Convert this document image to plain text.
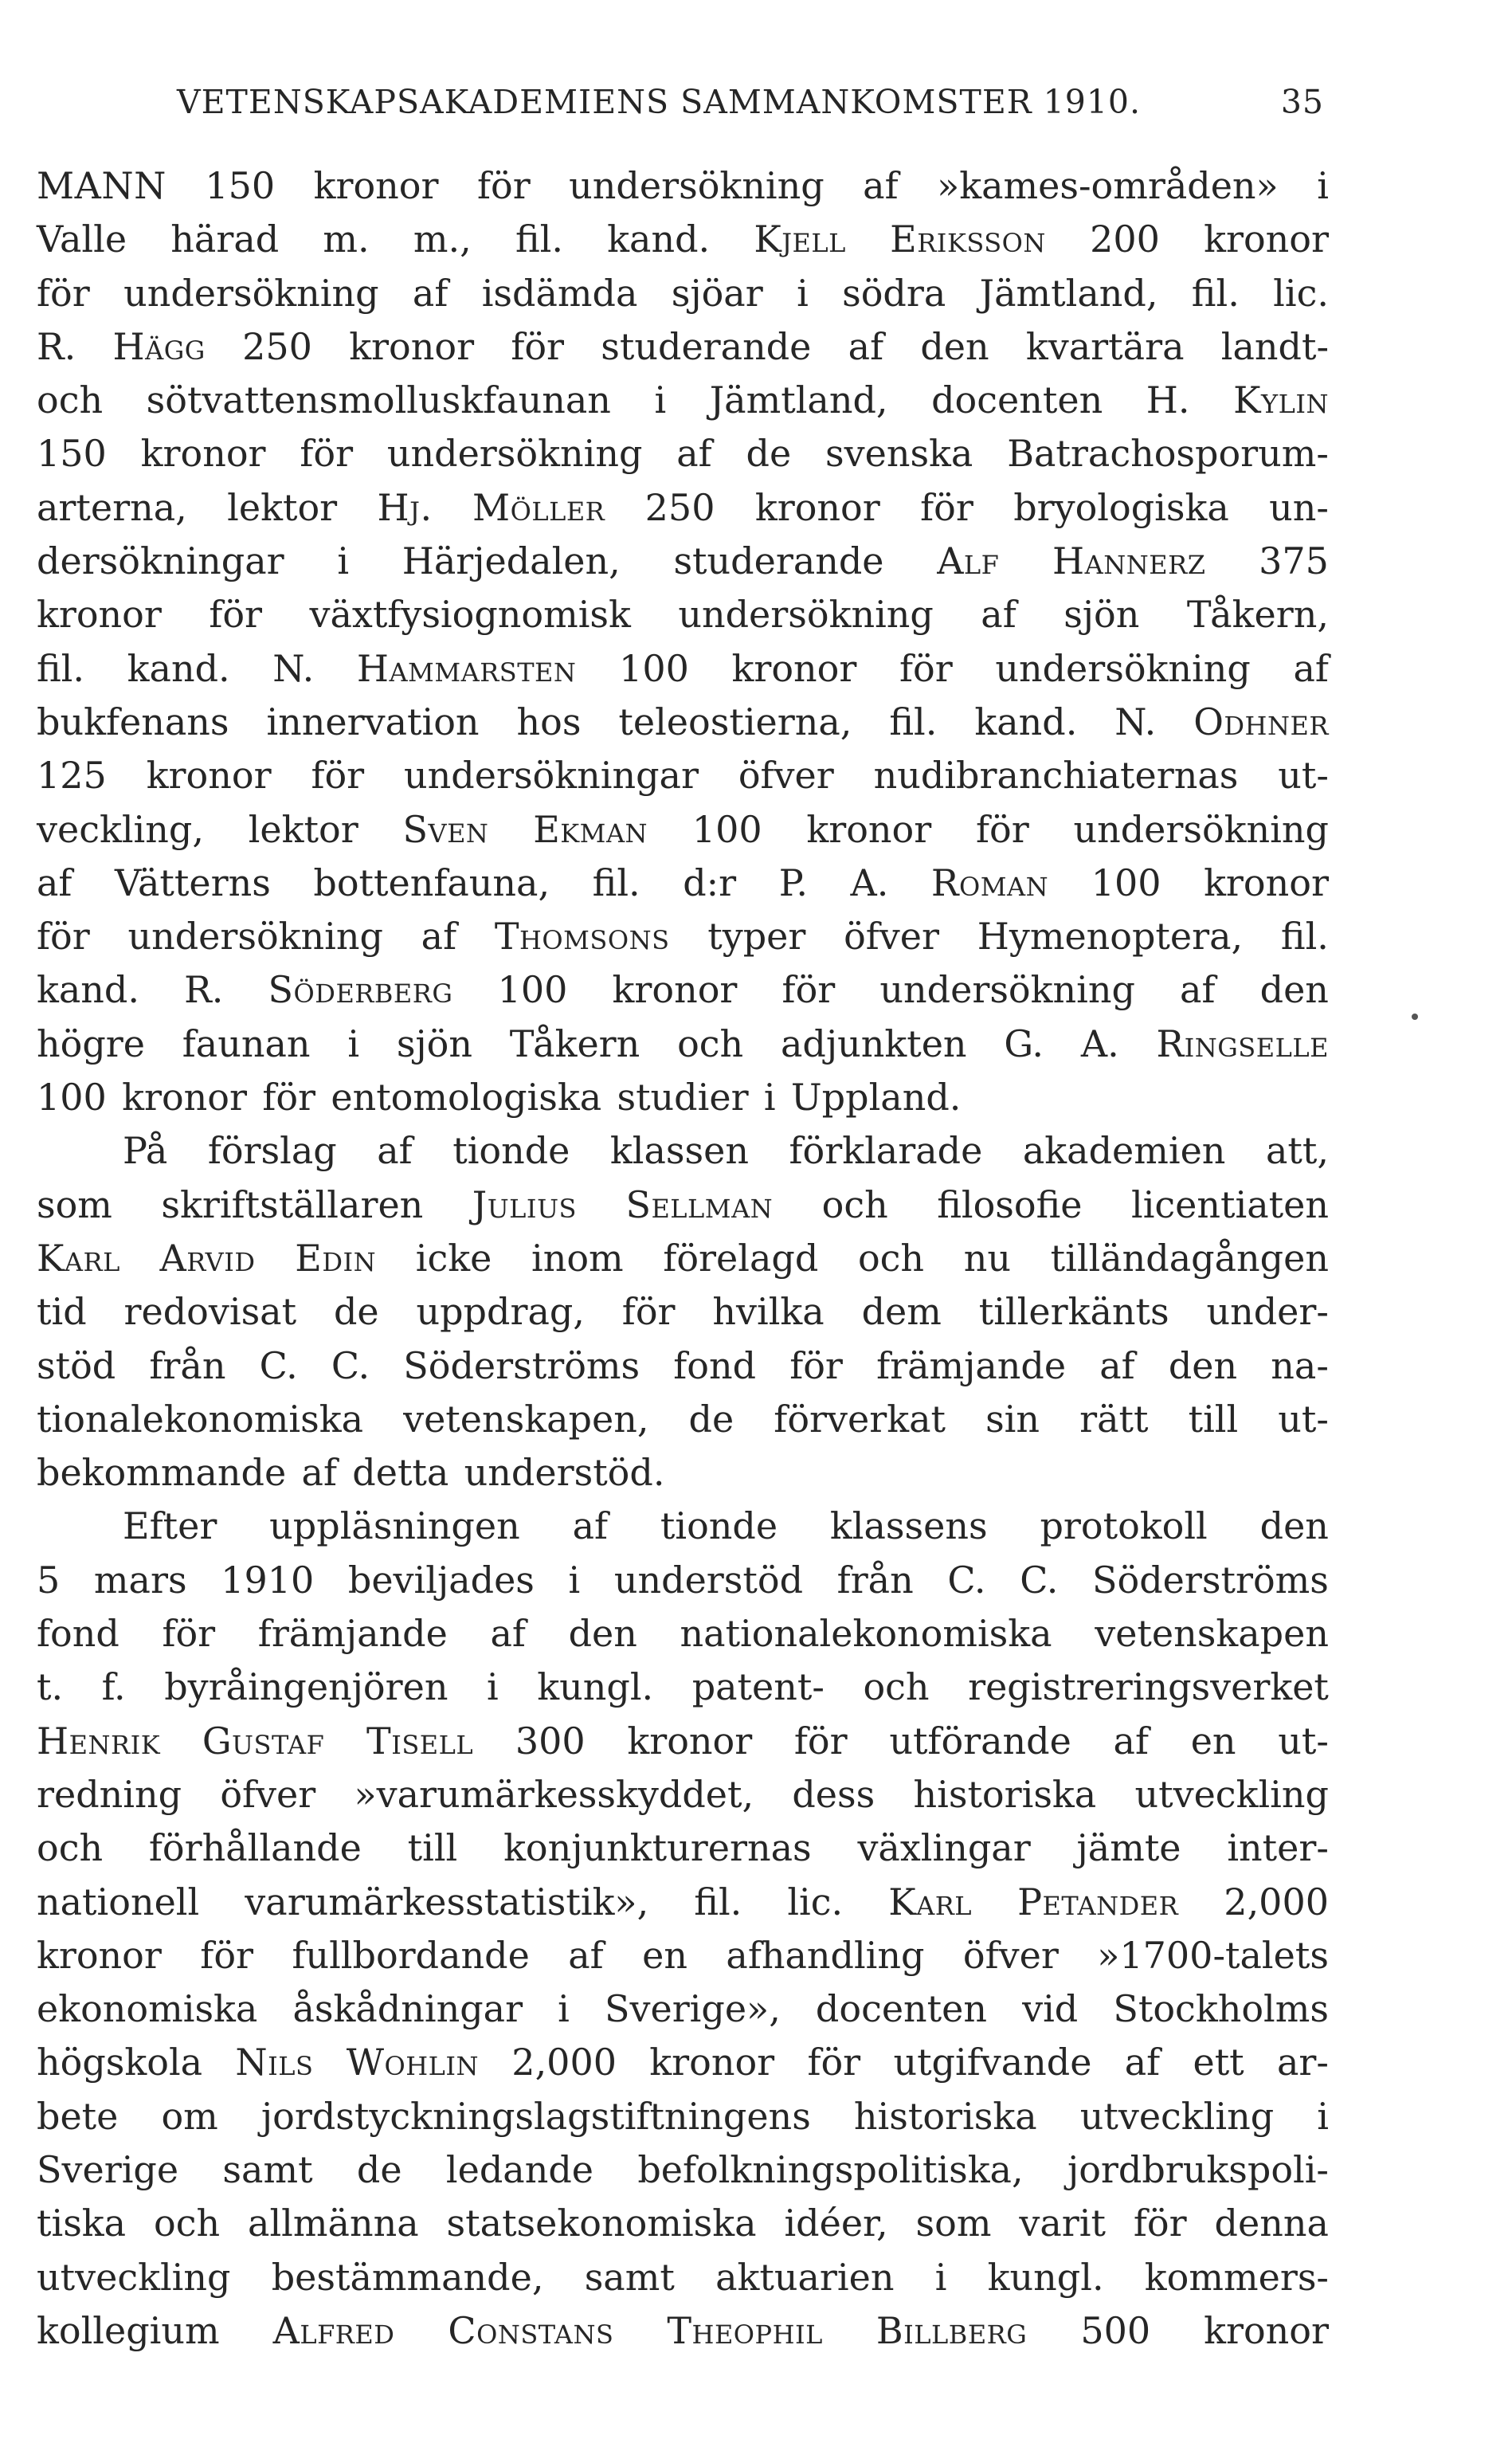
VETENSKAPSAKADEMIENS SAMMANKOMSTER 1910.	35
MANN 150 kronor för undersökning af »kames-områden» i
Valle härad m. m., fil. kand. Kjell Eriksson 200 kronor
för undersökning af isdämda sjöar i södra Jämtland, fil. lic.
R. Hägg 250 kronor för studerande af den kvartära landt-
och sötvattensmolluskfaunan i Jämtland, docenten H. Kylin
150 kronor för undersökning af de svenska Batrachosporum-
arterna, lektor Hj. Möller 250 kronor för bryologiska un-
dersökningar i Härjedalen, studerande Alf Hannerz 375
kronor för växtfysiognomisk undersökning af sjön Tåkern,
fil. kand. N. Hammarsten 100 kronor för undersökning af
bukfenans innervation hos teleostierna, fil. kand. N. Odhner
125 kronor för undersökningar öfver nudibranchiaternas ut-
veckling, lektor Sven Ekman 100 kronor för undersökning
af Vätterns bottenfauna, fil. d:r P. A. Roman 100 kronor
för undersökning af Thomsons typer öfver Hymenoptera, fil.
kand. R. Söderberg 100 kronor för undersökning af den
högre faunan i sjön Tåkern och adjunkten G. A. Ringselle
100 kronor för entomologiska studier i Uppland.
På förslag af tionde klassen förklarade akademien att,
som skriftställaren Julius Sellman och filosofie licentiaten
Karl Arvid Edin icke inom förelagd och nu tilländagången
tid redovisat de uppdrag, för hvilka dem tillerkänts under-
stöd från C. C. Söderströms fond för främjande af den na-
tionalekonomiska vetenskapen, de förverkat sin rätt till ut-
bekommande af detta understöd.
Efter uppläsningen af tionde klassens protokoll den
5 mars 1910 beviljades i understöd från C. C. Söderströms
fond för främjande af den nationalekonomiska vetenskapen
t. f. byråingenjören i kungl. patent- och registreringsverket
Henrik Gustaf Tisell 300 kronor för utförande af en ut-
redning öfver »varumärkesskyddet, dess historiska utveckling
och förhållande till konjunkturernas växlingar jämte inter-
nationell varumärkesstatistik», fil. lic. Karl Petander 2,000
kronor för fullbordande af en afhandling öfver »1700-talets
ekonomiska åskådningar i Sverige», docenten vid Stockholms
högskola Nils Wohlin 2,000 kronor för utgifvande af ett ar-
bete om jordstyckningslagstiftningens historiska utveckling i
Sverige samt de ledande befolkningspolitiska, jordbrukspoli-
tiska och allmänna statsekonomiska idéer, som varit för denna
utveckling bestämmande, samt aktuarien i kungl. kommers-
kollegium Alfred Constans Theophil Billberg 500 kronor
